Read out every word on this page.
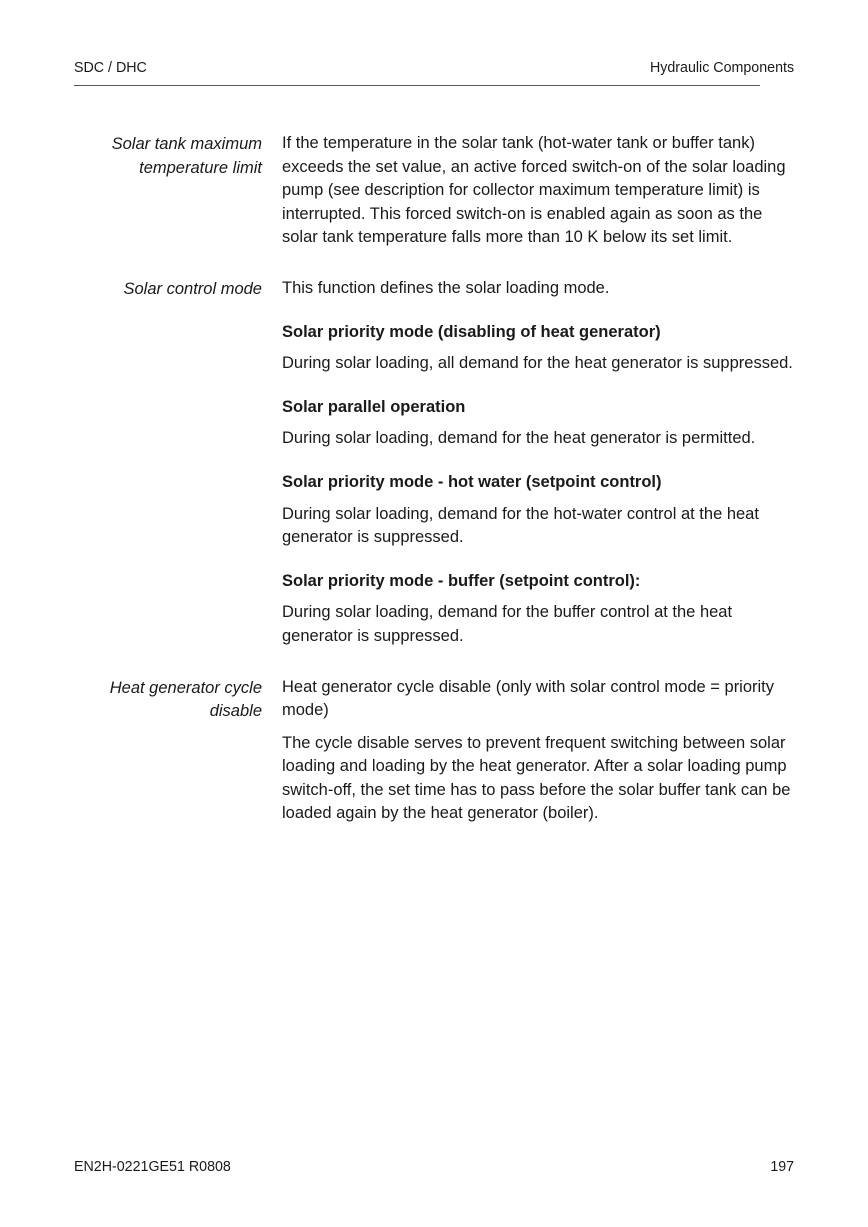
SDC / DHC	Hydraulic Components
Solar tank maximum temperature limit

If the temperature in the solar tank (hot-water tank or buffer tank) exceeds the set value, an active forced switch-on of the solar loading pump (see description for collector maximum temperature limit) is interrupted. This forced switch-on is enabled again as soon as the solar tank temperature falls more than 10 K below its set limit.

Solar control mode This function defines the solar loading mode.

Solar priority mode (disabling of heat generator)

During solar loading, all demand for the heat generator is suppressed.

Solar parallel operation

During solar loading, demand for the heat generator is permitted.

Solar priority mode - hot water (setpoint control)

During solar loading, demand for the hot-water control at the heat generator is suppressed.

Solar priority mode - buffer (setpoint control):

During solar loading, demand for the buffer control at the heat generator is suppressed.

Heat generator cycle disable

Heat generator cycle disable (only with solar control mode = priority mode)

The cycle disable serves to prevent frequent switching between solar loading and loading by the heat generator. After a solar loading pump switch-off, the set time has to pass before the solar buffer tank can be loaded again by the heat generator (boiler).

EN2H-0221GE51 R0808	197
